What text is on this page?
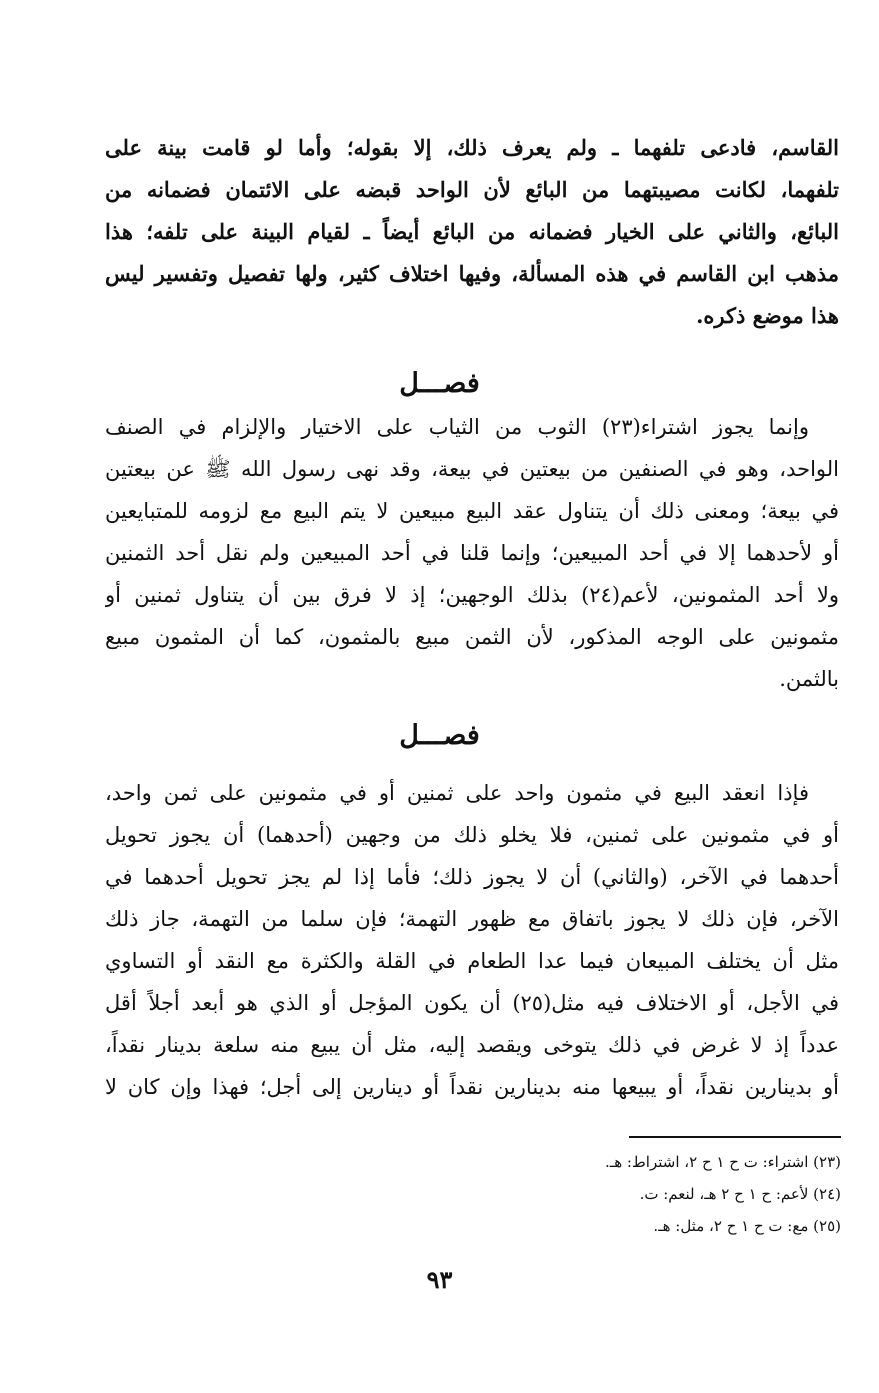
القاسم، فادعى تلفهما ـ ولم يعرف ذلك، إلا بقوله؛ وأما لو قامت بينة على
تلفهما، لكانت مصيبتهما من البائع لأن الواحد قبضه على الائتمان فضمانه من
البائع، والثاني على الخيار فضمانه من البائع أيضاً ـ لقيام البينة على تلفه؛ هذا
مذهب ابن القاسم في هذه المسألة، وفيها اختلاف كثير، ولها تفصيل وتفسير ليس
هذا موضع ذكره.
فصـــل
وإنما يجوز اشتراء(٢٣) الثوب من الثياب على الاختيار والإلزام في الصنف
الواحد، وهو في الصنفين من بيعتين في بيعة، وقد نهى رسول الله ﷺ عن بيعتين
في بيعة؛ ومعنى ذلك أن يتناول عقد البيع مبيعين لا يتم البيع مع لزومه للمتبايعين
أو لأحدهما إلا في أحد المبيعين؛ وإنما قلنا في أحد المبيعين ولم نقل أحد الثمنين
ولا أحد المثمونين، لأعم(٢٤) بذلك الوجهين؛ إذ لا فرق بين أن يتناول ثمنين أو
مثمونين على الوجه المذكور، لأن الثمن مبيع بالمثمون، كما أن المثمون مبيع
بالثمن.
فصـــل
فإذا انعقد البيع في مثمون واحد على ثمنين أو في مثمونين على ثمن واحد،
أو في مثمونين على ثمنين، فلا يخلو ذلك من وجهين (أحدهما) أن يجوز تحويل
أحدهما في الآخر، (والثاني) أن لا يجوز ذلك؛ فأما إذا لم يجز تحويل أحدهما في
الآخر، فإن ذلك لا يجوز باتفاق مع ظهور التهمة؛ فإن سلما من التهمة، جاز ذلك
مثل أن يختلف المبيعان فيما عدا الطعام في القلة والكثرة مع النقد أو التساوي
في الأجل، أو الاختلاف فيه مثل(٢٥) أن يكون المؤجل أو الذي هو أبعد أجلاً أقل
عدداً إذ لا غرض في ذلك يتوخى ويقصد إليه، مثل أن يبيع منه سلعة بدينار نقداً،
أو بدينارين نقداً، أو يبيعها منه بدينارين نقداً أو دينارين إلى أجل؛ فهذا وإن كان لا
(٢٣) اشتراء: ت ح ١ ح ٢، اشتراط: هـ.
(٢٤) لأعم: ح ١ ح ٢ هـ، لنعم: ت.
(٢٥) مع: ت ح ١ ح ٢، مثل: هـ.
٩٣
